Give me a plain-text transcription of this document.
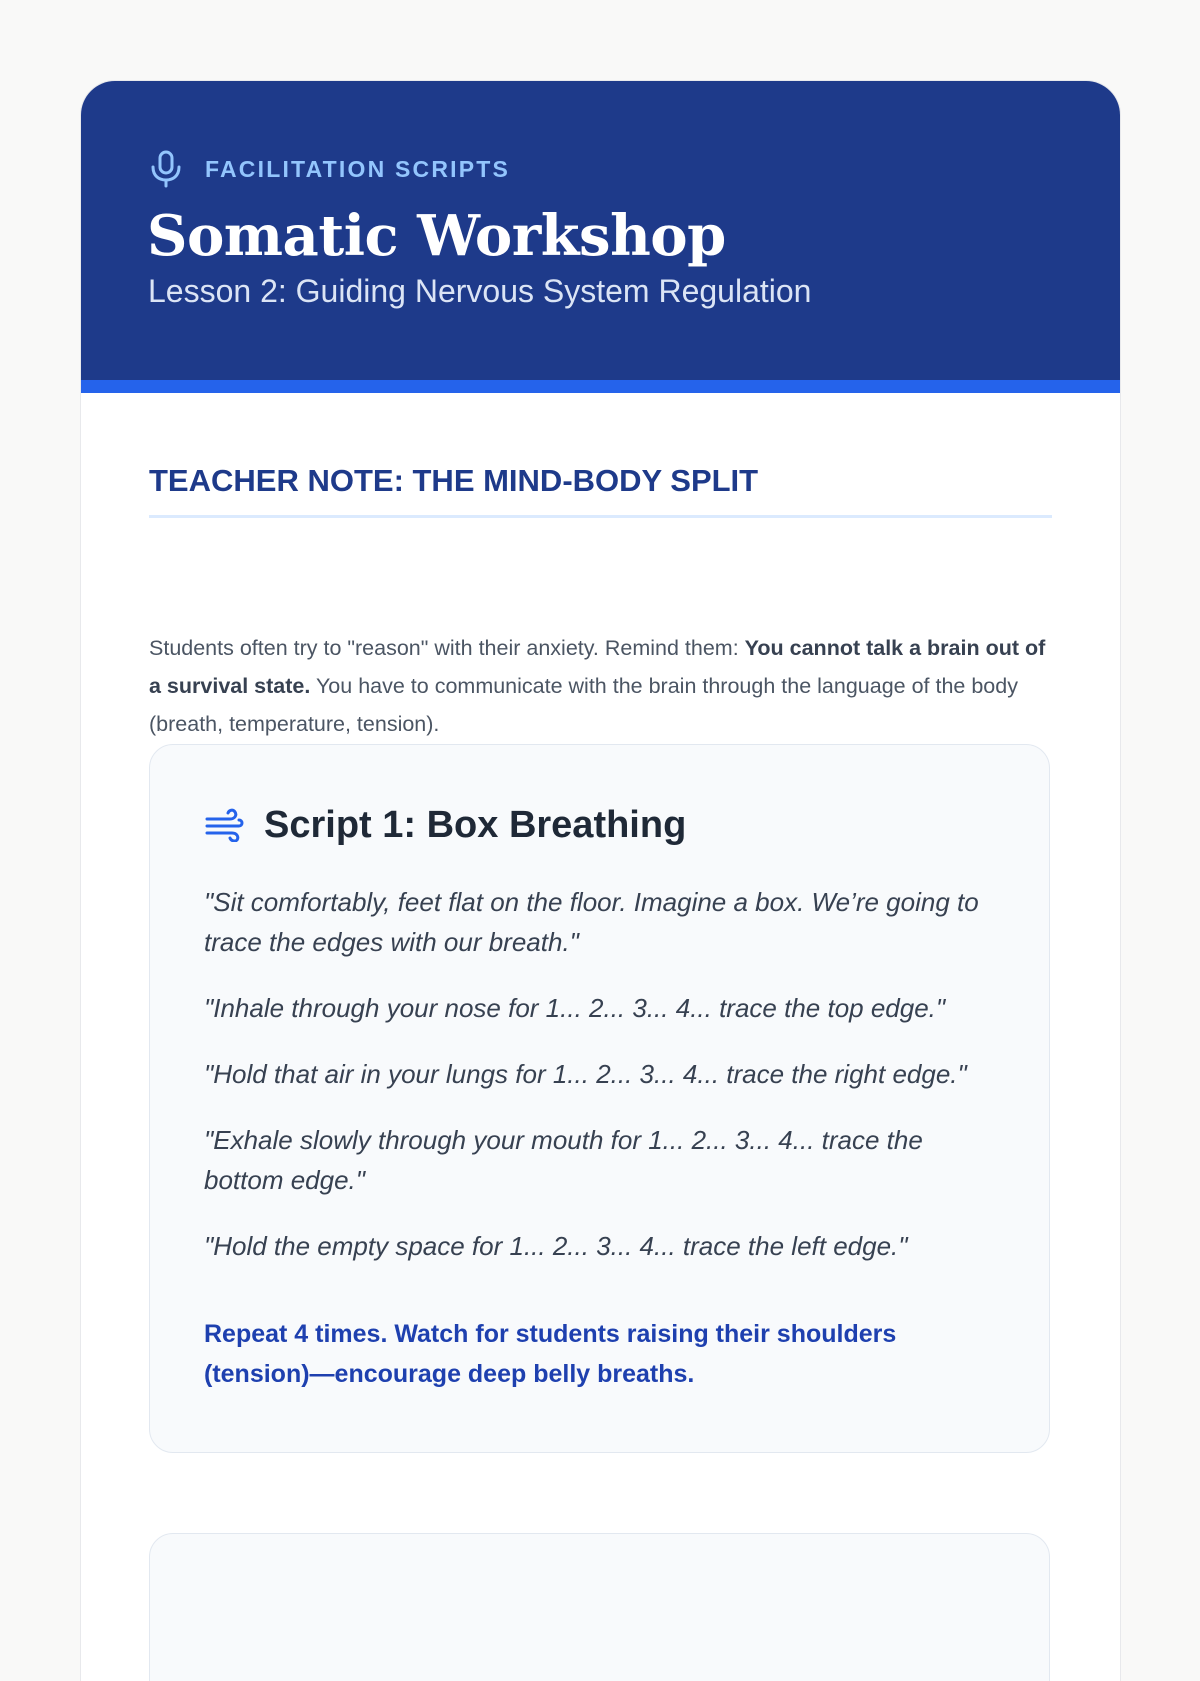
FACILITATION SCRIPTS
Somatic Workshop
Lesson 2: Guiding Nervous System Regulation
TEACHER NOTE: THE MIND-BODY SPLIT

Students often try to "reason" with their anxiety. Remind them: You cannot talk a brain out of a survival state. You have to communicate with the brain through the language of the body (breath, temperature, tension).

Script 1: Box Breathing

"Sit comfortably, feet flat on the floor. Imagine a box. We’re going to trace the edges with our breath."

"Inhale through your nose for 1... 2... 3... 4... trace the top edge."

"Hold that air in your lungs for 1... 2... 3... 4... trace the right edge."

"Exhale slowly through your mouth for 1... 2... 3... 4... trace the bottom edge."

"Hold the empty space for 1... 2... 3... 4... trace the left edge."

Repeat 4 times. Watch for students raising their shoulders (tension)—encourage deep belly breaths.
